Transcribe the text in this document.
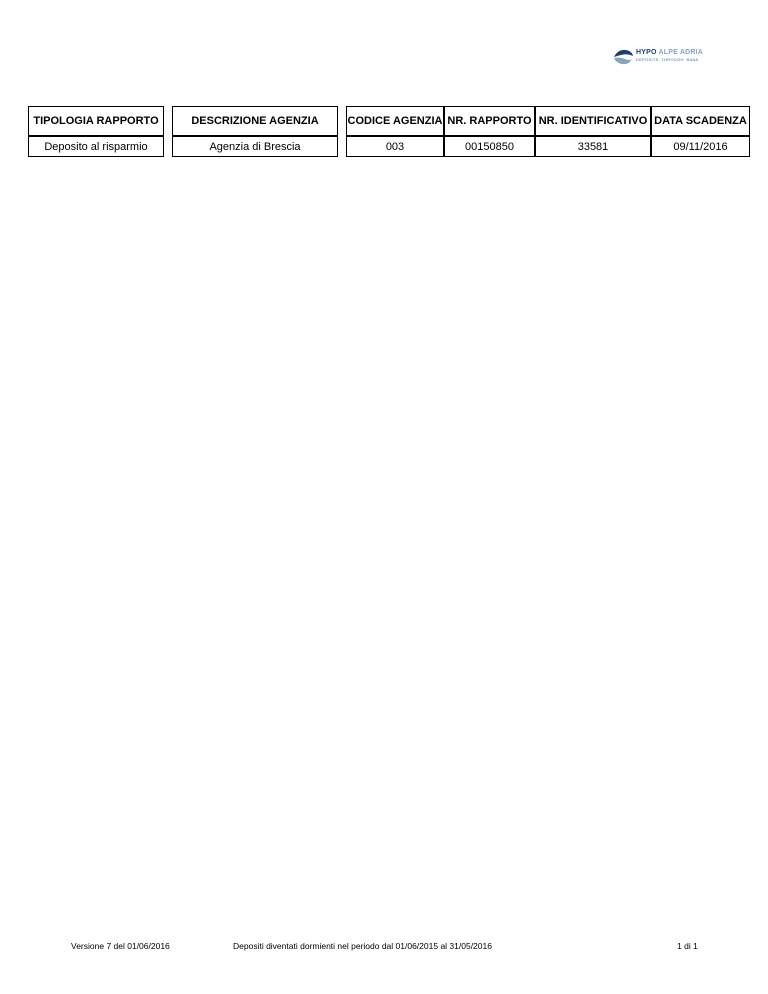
HYPO ALPE ADRIA
DEPOSITS. THROUGH. BANK.
TIPOLOGIA RAPPORTO		DESCRIZIONE AGENZIA		CODICE AGENZIA	NR. RAPPORTO	NR. IDENTIFICATIVO	DATA SCADENZA
Deposito al risparmio		Agenzia di Brescia		003	00150850	33581	09/11/2016
Versione 7 del 01/06/2016	Depositi diventati dormienti nel periodo dal 01/06/2015 al 31/05/2016	1 di 1
